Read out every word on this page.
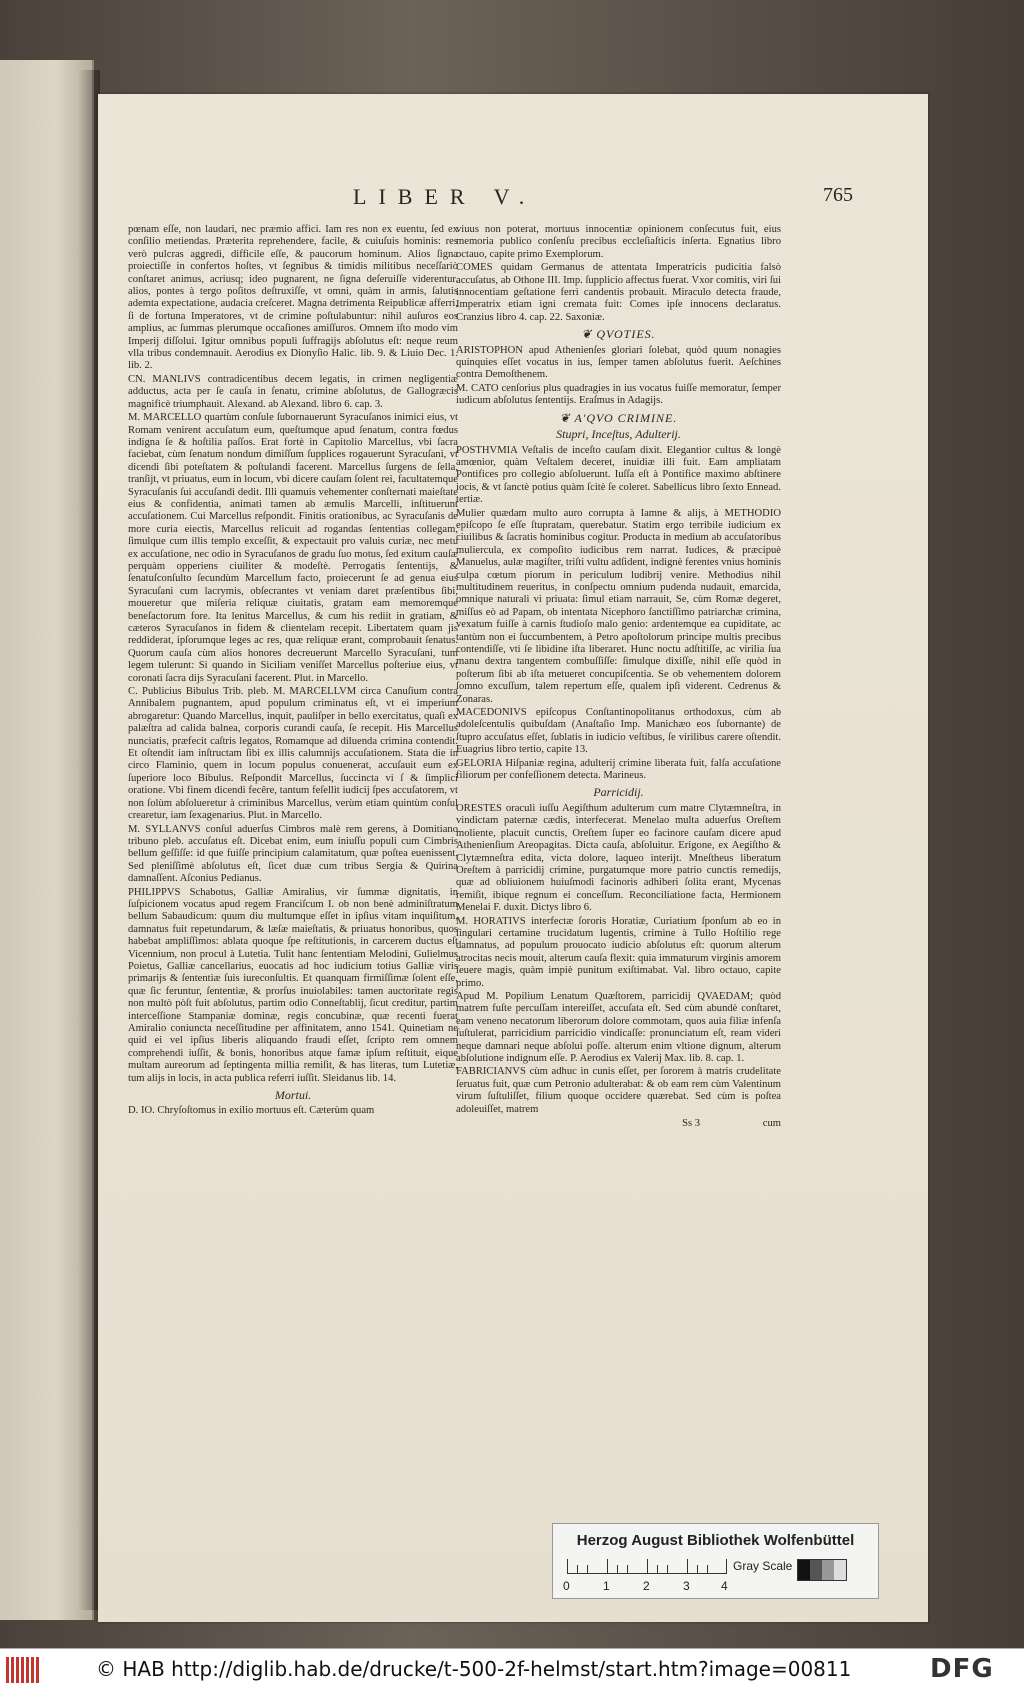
LIBER V.	765

pœnam eſſe, non laudari, nec præmio affici. Iam res non ex euentu, ſed ex conſilio metiendas. Præterita reprehendere, facile, & cuiuſuis hominis: res verò pulcras aggredi, difficile eſſe, & paucorum hominum. Alios ſigna proiectiſſe in confertos hoſtes, vt ſegnibus & timidis militibus neceſſariò conſtaret animus, acriusq; ideo pugnarent, ne ſigna deſeruiſſe viderentur. alios, pontes à tergo poſitos deſtruxiſſe, vt omni, quàm in armis, ſalutis ademta expectatione, audacia creſceret. Magna detrimenta Reipublicæ afferri, ſi de fortuna Imperatores, vt de crimine poſtulabuntur: nihil auſuros eos amplius, ac ſummas plerumque occaſiones amiſſuros. Omnem iſto modo vim Imperij diſſolui. Igitur omnibus populi ſuffragijs abſolutus eſt: neque reum vlla tribus condemnauit. Aerodius ex Dionyſio Halic. lib. 9. & Liuio Dec. 1. lib. 2.

CN. MANLIVS contradicentibus decem legatis, in crimen negligentiæ adductus, acta per ſe cauſa in ſenatu, crimine abſolutus, de Gallogræcis magnificè triumphauit. Alexand. ab Alexand. libro 6. cap. 3.

M. MARCELLO quartùm conſule ſubornauerunt Syracuſanos inimici eius, vt Romam venirent accuſatum eum, queſtumque apud ſenatum, contra fœdus indigna ſe & hoſtilia paſſos. Erat fortè in Capitolio Marcellus, vbi ſacra faciebat, cùm ſenatum nondum dimiſſum ſupplices rogauerunt Syracuſani, vt dicendi ſibi poteſtatem & poſtulandi facerent. Marcellus ſurgens de ſella, tranſijt, vt priuatus, eum in locum, vbi dicere cauſam ſolent rei, facultatemque Syracuſanis ſui accuſandi dedit. Illi quamuis vehementer conſternati maieſtate eius & confidentia, animati tamen ab æmulis Marcelli, inſtituerunt accuſationem. Cui Marcellus reſpondit. Finitis orationibus, ac Syracuſanis de more curia eiectis, Marcellus relicuit ad rogandas ſententias collegam, ſimulque cum illis templo exceſſit, & expectauit pro valuis curiæ, nec metu ex accuſatione, nec odio in Syracuſanos de gradu ſuo motus, ſed exitum cauſæ perquàm opperiens ciuiliter & modeſtè. Perrogatis ſententijs, & ſenatuſconſulto ſecundùm Marcellum facto, proiecerunt ſe ad genua eius Syracuſani cum lacrymis, obſecrantes vt veniam daret præſentibus ſibi, moueretur que miſeria reliquæ ciuitatis, gratam eam memoremque beneſactorum fore. Ita lenitus Marcellus, & cum his rediit in gratiam, & cæteros Syracuſanos in fidem & clientelam recepit. Libertatem quam jis reddiderat, ipſorumque leges ac res, quæ reliquæ erant, comprobauit ſenatus. Quorum cauſa cùm alios honores decreuerunt Marcello Syracuſani, tum legem tulerunt: Si quando in Siciliam veniſſet Marcellus poſteriue eius, vt coronati ſacra dijs Syracuſani facerent. Plut. in Marcello.

C. Publicius Bibulus Trib. pleb. M. MARCELLVM circa Canuſium contra Annibalem pugnantem, apud populum criminatus eſt, vt ei imperium abrogaretur: Quando Marcellus, inquit, pauliſper in bello exercitatus, quaſi ex palæſtra ad calida balnea, corporis curandi cauſa, ſe recepit. His Marcellus nunciatis, præfecit caſtris legatos, Romamque ad diluenda crimina contendit. Et oſtendit iam inſtructam ſibi ex illis calumnijs accuſationem. Stata die in circo Flaminio, quem in locum populus conuenerat, accuſauit eum ex ſuperiore loco Bibulus. Reſpondit Marcellus, ſuccincta vi ſ & ſimplici oratione. Vbi finem dicendi fecêre, tantum feſellit iudicij ſpes accuſatorem, vt non ſolùm abſolueretur à criminibus Marcellus, verùm etiam quintùm conſul crearetur, iam ſexagenarius. Plut. in Marcello.

M. SYLLANVS conſul aduerſus Cimbros malè rem gerens, à Domitiano tribuno pleb. accuſatus eſt. Dicebat enim, eum iniuſſu populi cum Cimbris bellum geſſiſſe: id que fuiſſe principium calamitatum, quæ poſtea euenissent. Sed pleniſſimè abſolutus eſt, ſicet duæ cum tribus Sergia & Quirina damnaſſent. Aſconius Pedianus.

PHILIPPVS Schabotus, Galliæ Amiralius, vir ſummæ dignitatis, in ſuſpicionem vocatus apud regem Franciſcum I. ob non benè adminiſtratum bellum Sabaudicum: quum diu multumque eſſet in ipſius vitam inquiſitum, damnatus fuit repetundarum, & læſæ maieſtatis, & priuatus honoribus, quos habebat ampliſſimos: ablata quoque ſpe reſtitutionis, in carcerem ductus eſt Vicennium, non procul à Lutetia. Tulit hanc ſententiam Melodini, Gulielmus Poietus, Galliæ cancellarius, euocatis ad hoc iudicium totius Galliæ viris primarijs & ſententiæ ſuis iureconſultis. Et quanquam firmiſſimæ ſolent eſſe, quæ ſic feruntur, ſententiæ, & prorſus inuiolabiles: tamen auctoritate regis non multò pòſt fuit abſolutus, partim odio Conneſtablij, ſicut creditur, partim interceſſione Stampaniæ dominæ, regis concubinæ, quæ recenti fuerat Amiralio coniuncta neceſſitudine per affinitatem, anno 1541. Quinetiam ne quid ei vel ipſius liberis aliquando fraudi eſſet, ſcripto rem omnem comprehendi iuſſit, & bonis, honoribus atque famæ ipſum reſtituit, eique multam aureorum ad ſeptingenta millia remiſit, & has literas, tum Lutetiæ, tum alijs in locis, in acta publica referri iuſſit. Sleidanus lib. 14.

Mortui.

D. IO. Chryſoſtomus in exilio mortuus eſt. Cæterùm quam

viuus non poterat, mortuus innocentiæ opinionem conſecutus fuit, eius memoria publico conſenſu precibus eccleſiaſticis inſerta. Egnatius libro octauo, capite primo Exemplorum.

COMES quidam Germanus de attentata Imperatricis pudicitia falsò accuſatus, ab Othone III. Imp. ſupplicio affectus fuerat. Vxor comitis, viri ſui innocentiam geſtatione ferri candentis probauit. Miraculo detecta fraude, Imperatrix etiam igni cremata fuit: Comes ipſe innocens declaratus. Cranzius libro 4. cap. 22. Saxoniæ.

❦ QVOTIES.

ARISTOPHON apud Athenienſes gloriari ſolebat, quòd quum nonagies quinquies eſſet vocatus in ius, ſemper tamen abſolutus fuerit. Aeſchines contra Demoſthenem.

M. CATO cenſorius plus quadragies in ius vocatus fuiſſe memoratur, ſemper iudicum abſolutus ſententijs. Eraſmus in Adagijs.

❦ A'QVO CRIMINE.
Stupri, Inceſtus, Adulterij.

POSTHVMIA Veſtalis de inceſto cauſam dixit. Elegantior cultus & longè amœnior, quàm Veſtalem deceret, inuidiæ illi fuit. Eam ampliatam Pontifices pro collegio abſoluerunt. Iuſſa eſt à Pontifice maximo abſtinere iocis, & vt ſanctè potius quàm ſcitè ſe coleret. Sabellicus libro ſexto Ennead. tertiæ.

Mulier quædam multo auro corrupta à Iamne & alijs, à METHODIO epiſcopo ſe eſſe ſtupratam, querebatur. Statim ergo terribile iudicium ex ciuilibus & ſacratis hominibus cogitur. Producta in medium ab accuſatoribus muliercula, ex compoſito iudicibus rem narrat. Iudices, & præcipuè Manuelus, aulæ magiſter, triſti vultu adſident, indignè ferentes vnius hominis culpa cœtum piorum in periculum ludibrij venire. Methodius nihil multitudinem reueritus, in conſpectu omnium pudenda nudauit, emarcida, omnique naturali vi priuata: ſimul etiam narrauit, Se, cùm Romæ degeret, miſſus eò ad Papam, ob intentata Nicephoro ſanctiſſimo patriarchæ crimina, vexatum fuiſſe à carnis ſtudioſo malo genio: ardentemque ea cupiditate, ac tantùm non ei ſuccumbentem, à Petro apoſtolorum principe multis precibus contendiſſe, vti ſe libidine iſta liberaret. Hunc noctu adſtitiſſe, ac virilia ſua manu dextra tangentem combuſſiſſe: ſimulque dixiſſe, nihil eſſe quòd in poſterum ſibi ab iſta metueret concupiſcentia. Se ob vehementem dolorem ſomno excuſſum, talem repertum eſſe, qualem ipſi viderent. Cedrenus & Zonaras.

MACEDONIVS epiſcopus Conſtantinopolitanus orthodoxus, cùm ab adoleſcentulis quibuſdam (Anaſtaſio Imp. Manichæo eos ſubornante) de ſtupro accuſatus eſſet, ſublatis in iudicio veſtibus, ſe virilibus carere oſtendit. Euagrius libro tertio, capite 13.

GELORIA Hiſpaniæ regina, adulterij crimine liberata fuit, falſa accuſatione filiorum per confeſſionem detecta. Marineus.

Parricidij.

ORESTES oraculi iuſſu Aegiſthum adulterum cum matre Clytæmneſtra, in vindictam paternæ cædis, interfecerat. Menelao multa aduerſus Oreſtem moliente, placuit cunctis, Oreſtem ſuper eo facinore cauſam dicere apud Athenienſium Areopagitas. Dicta cauſa, abſoluitur. Erigone, ex Aegiſtho & Clytæmneſtra edita, victa dolore, laqueo interijt. Mneſtheus liberatum Oreſtem à parricidij crimine, purgatumque more patrio cunctis remedijs, quæ ad obliuionem huiuſmodi facinoris adhiberi ſolita erant, Mycenas remiſit, ibique regnum ei conceſſum. Reconciliatione facta, Hermionem Menelai F. duxit. Dictys libro 6.

M. HORATIVS interfectæ ſororis Horatiæ, Curiatium ſponſum ab eo in ſingulari certamine trucidatum lugentis, crimine à Tullo Hoſtilio rege damnatus, ad populum prouocato iudicio abſolutus eſt: quorum alterum atrocitas necis mouit, alterum cauſa flexit: quia immaturum virginis amorem ſeuere magis, quàm impiè punitum exiſtimabat. Val. libro octauo, capite primo.

Apud M. Popilium Lenatum Quæſtorem, parricidij QVAEDAM; quòd matrem fuſte percuſſam intereiſſet, accuſata eſt. Sed cùm abundè conſtaret, eam veneno necatorum liberorum dolore commotam, quos auia filiæ infenſa ſuſtulerat, parricidium parricidio vindicaſſe: pronunciatum eſt, ream videri neque damnari neque abſolui poſſe. alterum enim vltione dignum, alterum abſolutione indignum eſſe. P. Aerodius ex Valerij Max. lib. 8. cap. 1.

FABRICIANVS cùm adhuc in cunis eſſet, per ſororem à matris crudelitate ſeruatus fuit, quæ cum Petronio adulterabat: & ob eam rem cùm Valentinum virum ſuſtuliſſet, filium quoque occidere quærebat. Sed cùm is poſtea adoleuiſſet, matrem

Ss 3	cum
Herzog August Bibliothek Wolfenbüttel
0	1	2	3	4
Gray Scale
© HAB http://diglib.hab.de/drucke/t-500-2f-helmst/start.htm?image=00811	DFG
